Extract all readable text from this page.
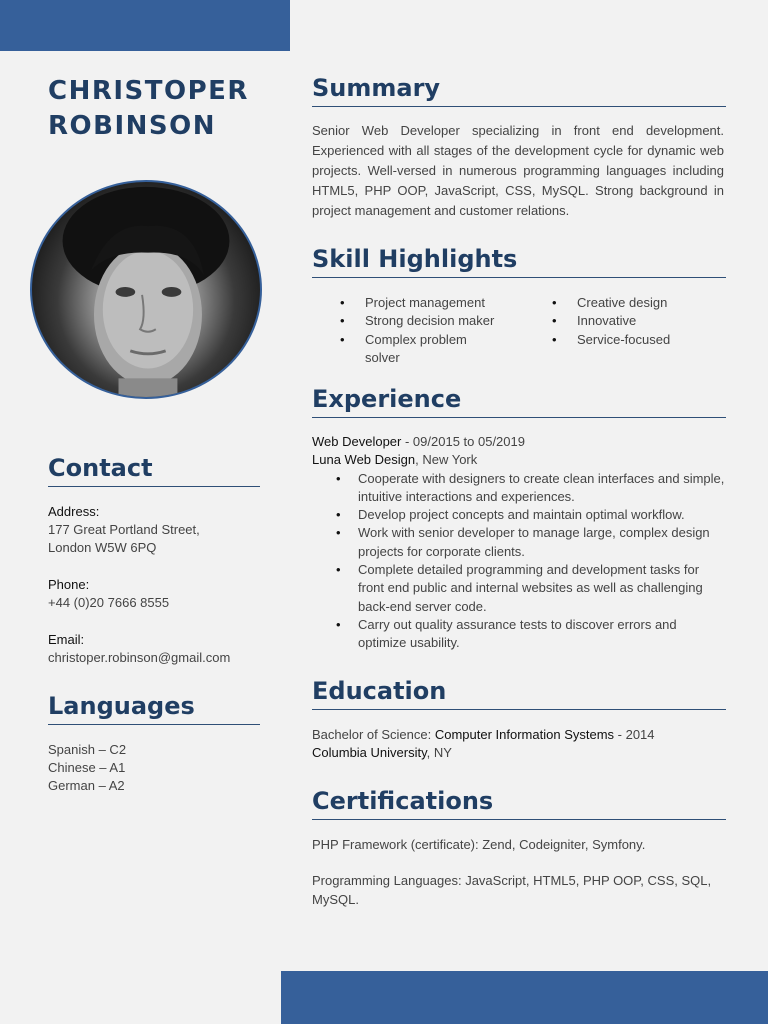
CHRISTOPER
ROBINSON
Contact
Address:
177 Great Portland Street,
London W5W 6PQ
Phone:
+44 (0)20 7666 8555
Email:
christoper.robinson@gmail.com
Languages
Spanish – C2
Chinese – A1
German – A2
Summary

Senior Web Developer specializing in front end development. Experienced with all stages of the development cycle for dynamic web projects. Well-versed in numerous programming languages including HTML5, PHP OOP, JavaScript, CSS, MySQL. Strong background in project management and customer relations.

Skill Highlights
• Project management
• Strong decision maker
• Complex problem solver
• Creative design
• Innovative
• Service-focused
Experience
Web Developer - 09/2015 to 05/2019
Luna Web Design, New York
• Cooperate with designers to create clean interfaces and simple, intuitive interactions and experiences.
• Develop project concepts and maintain optimal workflow.
• Work with senior developer to manage large, complex design projects for corporate clients.
• Complete detailed programming and development tasks for front end public and internal websites as well as challenging back-end server code.
• Carry out quality assurance tests to discover errors and optimize usability.
Education
Bachelor of Science: Computer Information Systems - 2014
Columbia University, NY
Certifications

PHP Framework (certificate): Zend, Codeigniter, Symfony.

Programming Languages: JavaScript, HTML5, PHP OOP, CSS, SQL, MySQL.
